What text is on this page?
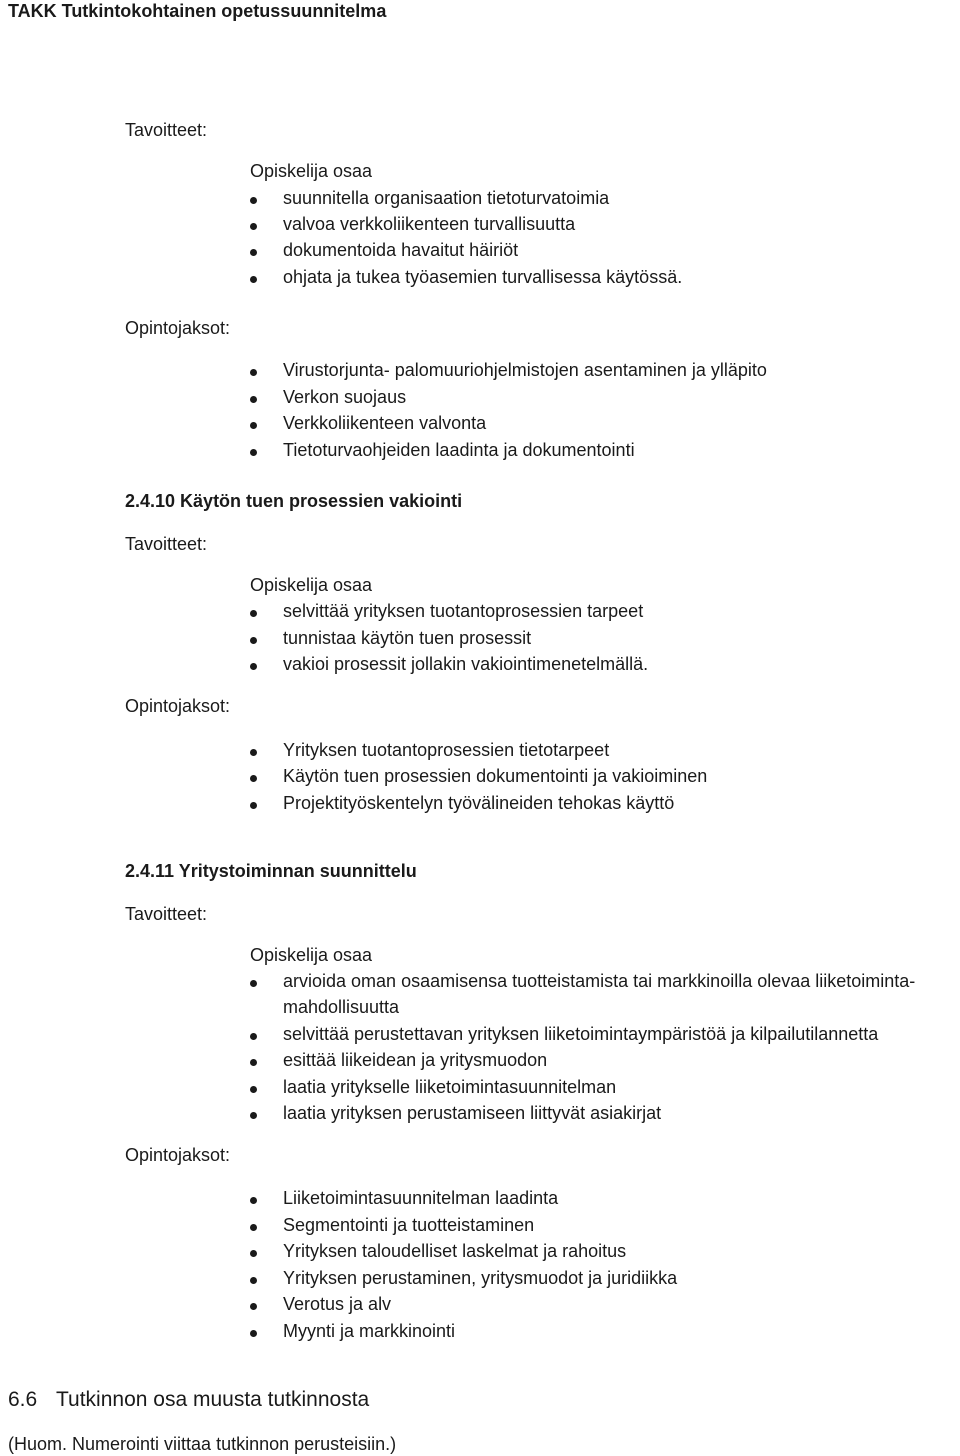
TAKK Tutkintokohtainen opetussuunnitelma
Tavoitteet:
Opiskelija osaa
suunnitella organisaation tietoturvatoimia
valvoa verkkoliikenteen turvallisuutta
dokumentoida havaitut häiriöt
ohjata ja tukea työasemien turvallisessa käytössä.
Opintojaksot:
Virustorjunta- palomuuriohjelmistojen asentaminen ja ylläpito
Verkon suojaus
Verkkoliikenteen valvonta
Tietoturvaohjeiden laadinta ja dokumentointi
2.4.10 Käytön tuen prosessien vakiointi
Tavoitteet:
Opiskelija osaa
selvittää yrityksen tuotantoprosessien tarpeet
tunnistaa käytön tuen prosessit
vakioi prosessit jollakin vakiointimenetelmällä.
Opintojaksot:
Yrityksen tuotantoprosessien tietotarpeet
Käytön tuen prosessien dokumentointi ja vakioiminen
Projektityöskentelyn työvälineiden tehokas käyttö
2.4.11 Yritystoiminnan suunnittelu
Tavoitteet:
Opiskelija osaa
arvioida oman osaamisensa tuotteistamista tai markkinoilla olevaa liiketoiminta-
mahdollisuutta
selvittää perustettavan yrityksen liiketoimintaympäristöä ja kilpailutilannetta
esittää liikeidean ja yritysmuodon
laatia yritykselle liiketoimintasuunnitelman
laatia yrityksen perustamiseen liittyvät asiakirjat
Opintojaksot:
Liiketoimintasuunnitelman laadinta
Segmentointi ja tuotteistaminen
Yrityksen taloudelliset laskelmat ja rahoitus
Yrityksen perustaminen, yritysmuodot ja juridiikka
Verotus ja alv
Myynti ja markkinointi
6.6 Tutkinnon osa muusta tutkinnosta
(Huom. Numerointi viittaa tutkinnon perusteisiin.)
